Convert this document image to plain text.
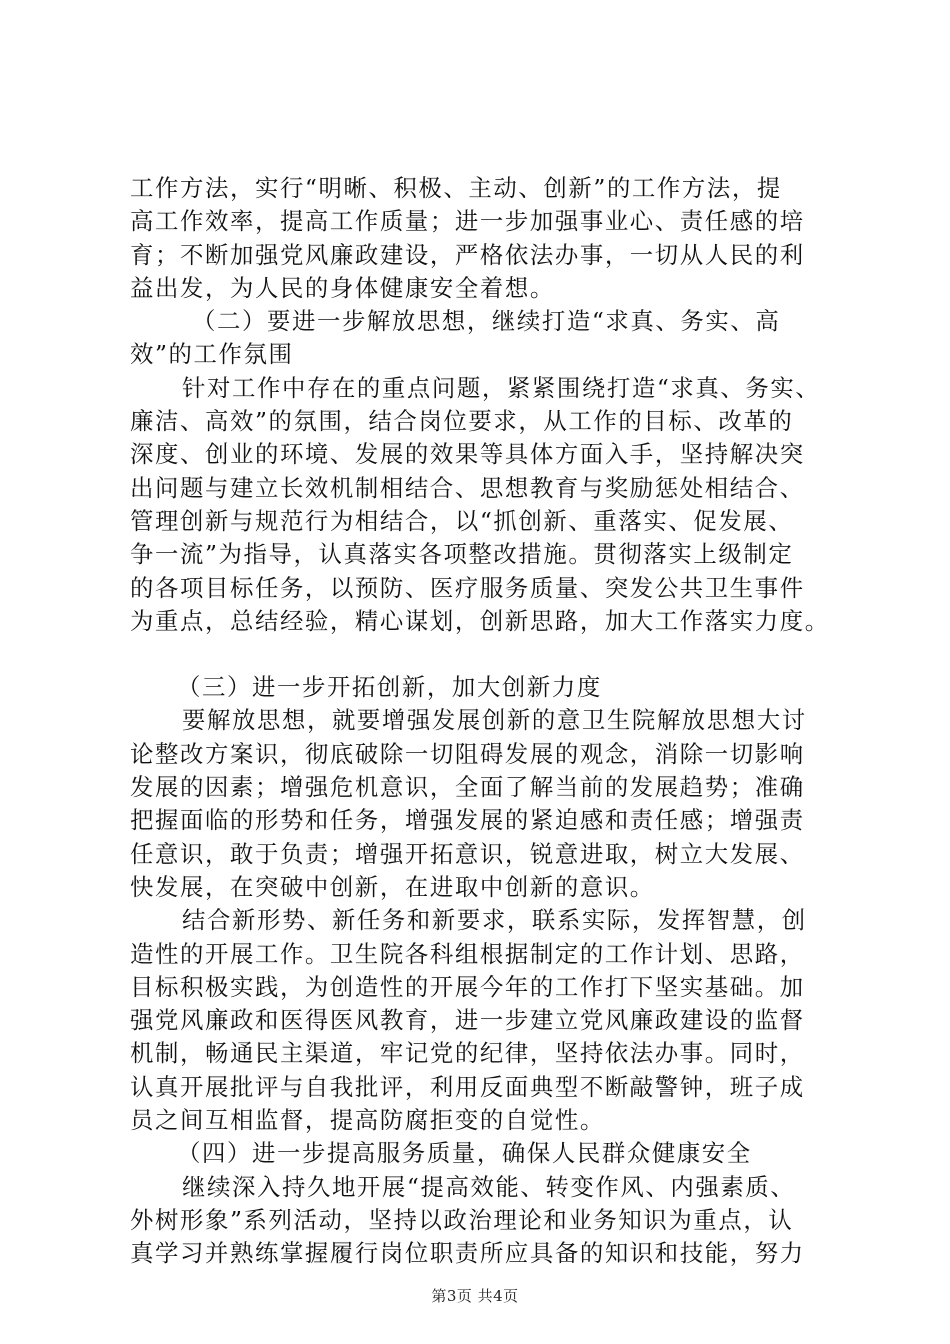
工作方法，实行“明晰、积极、主动、创新”的工作方法，提
高工作效率，提高工作质量；进一步加强事业心、责任感的培
育；不断加强党风廉政建设，严格依法办事，一切从人民的利
益出发，为人民的身体健康安全着想。
（二）要进一步解放思想，继续打造“求真、务实、高
效”的工作氛围
针对工作中存在的重点问题，紧紧围绕打造“求真、务实、
廉洁、高效”的氛围，结合岗位要求，从工作的目标、改革的
深度、创业的环境、发展的效果等具体方面入手，坚持解决突
出问题与建立长效机制相结合、思想教育与奖励惩处相结合、
管理创新与规范行为相结合，以“抓创新、重落实、促发展、
争一流”为指导，认真落实各项整改措施。贯彻落实上级制定
的各项目标任务，以预防、医疗服务质量、突发公共卫生事件
为重点，总结经验，精心谋划，创新思路，加大工作落实力度。
（三）进一步开拓创新，加大创新力度
要解放思想，就要增强发展创新的意卫生院解放思想大讨
论整改方案识，彻底破除一切阻碍发展的观念，消除一切影响
发展的因素；增强危机意识，全面了解当前的发展趋势；准确
把握面临的形势和任务，增强发展的紧迫感和责任感；增强责
任意识，敢于负责；增强开拓意识，锐意进取，树立大发展、
快发展，在突破中创新，在进取中创新的意识。
结合新形势、新任务和新要求，联系实际，发挥智慧，创
造性的开展工作。卫生院各科组根据制定的工作计划、思路，
目标积极实践，为创造性的开展今年的工作打下坚实基础。加
强党风廉政和医得医风教育，进一步建立党风廉政建设的监督
机制，畅通民主渠道，牢记党的纪律，坚持依法办事。同时，
认真开展批评与自我批评，利用反面典型不断敲警钟，班子成
员之间互相监督，提高防腐拒变的自觉性。
（四）进一步提高服务质量，确保人民群众健康安全
继续深入持久地开展“提高效能、转变作风、内强素质、
外树形象”系列活动，坚持以政治理论和业务知识为重点，认
真学习并熟练掌握履行岗位职责所应具备的知识和技能，努力
第3页 共4页
